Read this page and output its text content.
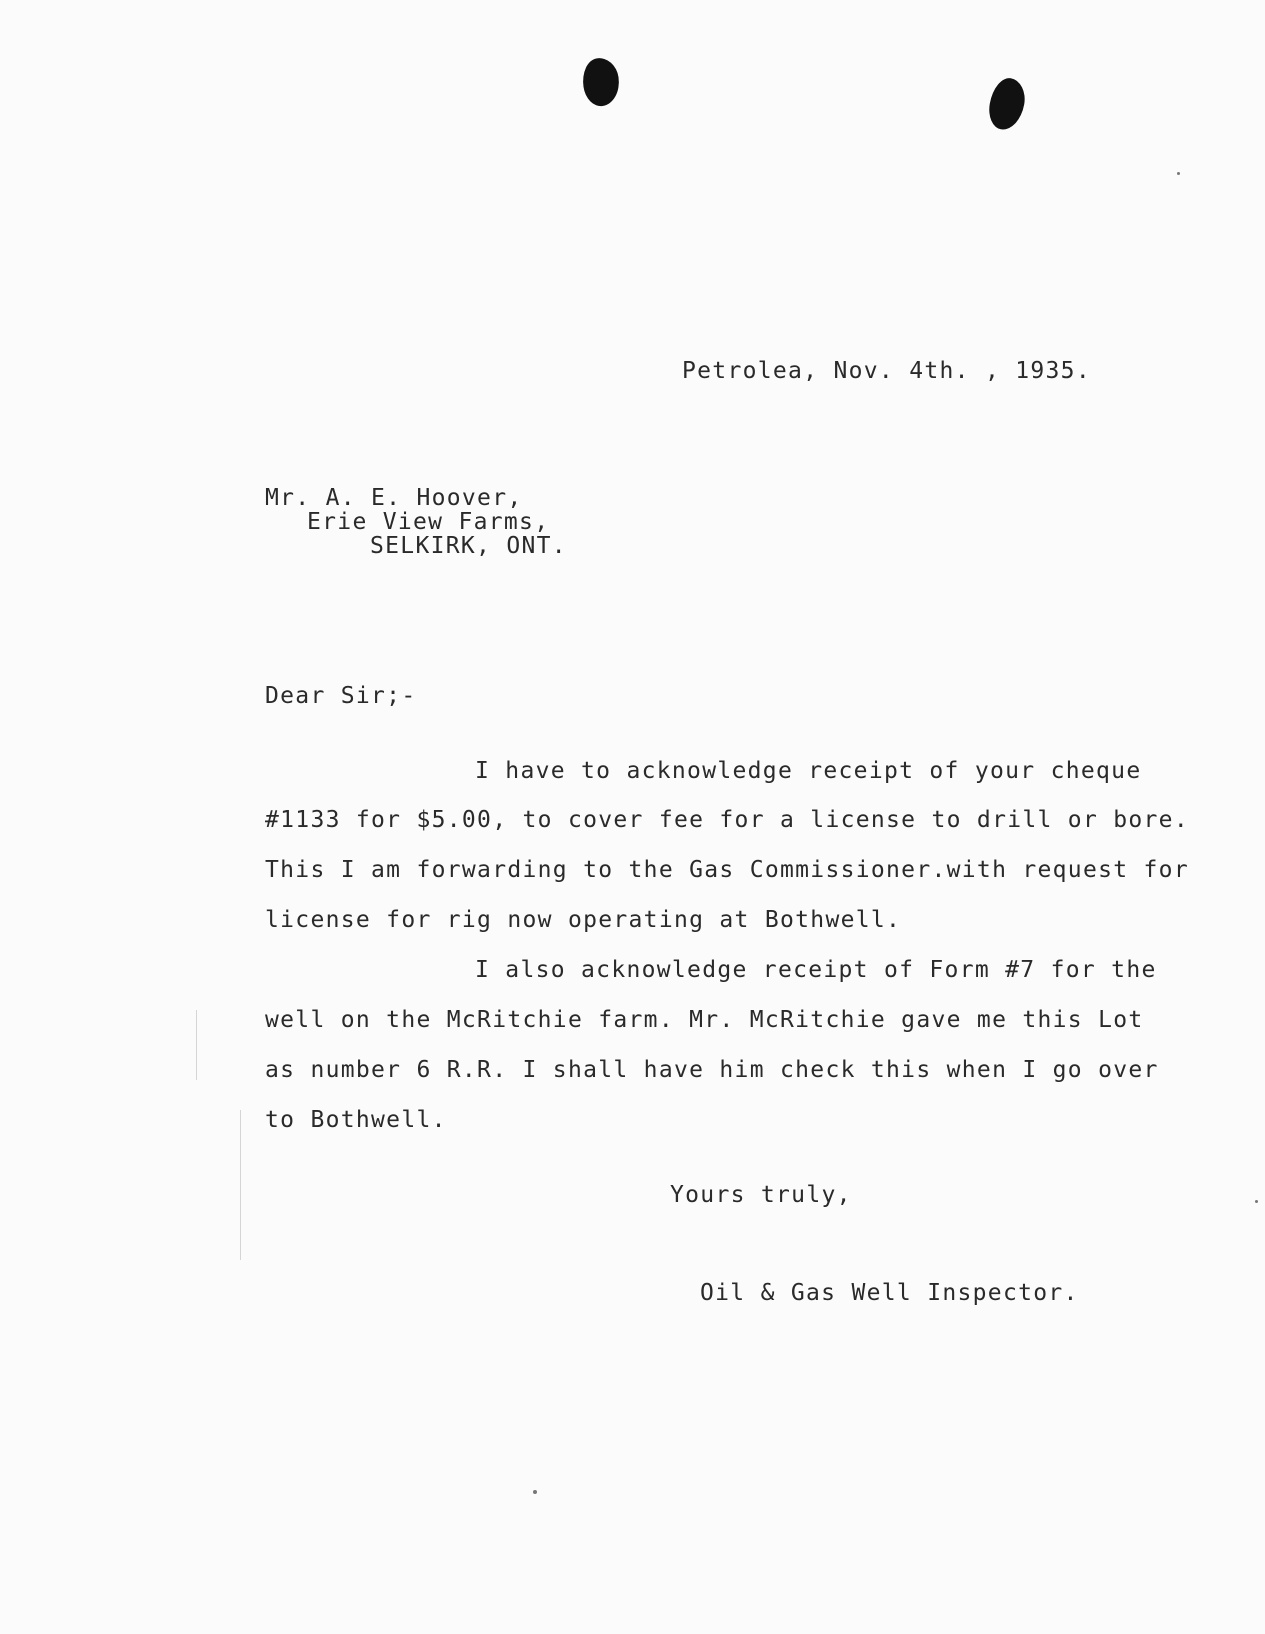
Petrolea, Nov. 4th. , 1935.
Mr. A. E. Hoover,
Erie View Farms,
SELKIRK, ONT.
Dear Sir;-
I have to acknowledge receipt of your cheque
#1133 for $5.00, to cover fee for a license to drill or bore.
This I am forwarding to the Gas Commissioner.with request for
license for rig now operating at Bothwell.
I also acknowledge receipt of Form #7 for the
well on the McRitchie farm. Mr. McRitchie gave me this Lot
as number 6 R.R. I shall have him check this when I go over
to Bothwell.
Yours truly,
Oil & Gas Well Inspector.
